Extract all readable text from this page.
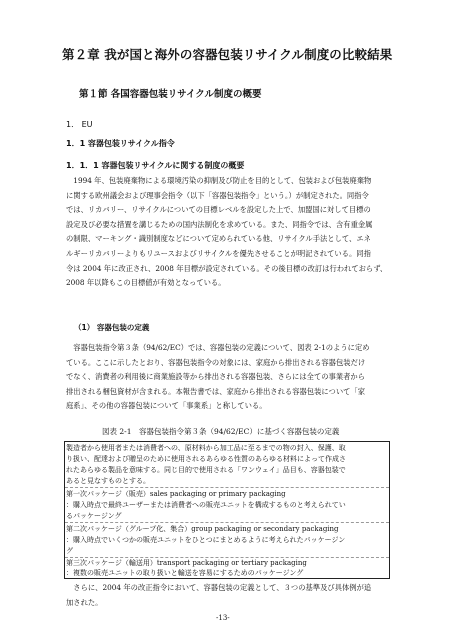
第２章 我が国と海外の容器包装リサイクル制度の比較結果
第１節 各国容器包装リサイクル制度の概要
1． EU
1．1 容器包装リサイクル指令
1．1．1 容器包装リサイクルに関する制度の概要
　1994 年、包装廃棄物による環境汚染の抑制及び防止を目的として、包装および包装廃棄物
に関する欧州議会および理事会指令（以下「容器包装指令」という。）が制定された。同指令
では、リカバリー、リサイクルについての目標レベルを設定した上で、加盟国に対して目標の
設定及び必要な措置を講じるための国内法制化を求めている。また、同指令では、含有重金属
の制限、マーキング・識別制度などについて定められている他、リサイクル手法として、エネ
ルギーリカバリーよりもリユースおよびリサイクルを優先させることが明記されている。同指
令は 2004 年に改正され、2008 年目標が設定されている。その後目標の改訂は行われておらず、
2008 年以降もこの目標値が有効となっている。
（1） 容器包装の定義
　容器包装指令第３条（94/62/EC）では、容器包装の定義について、図表 2-1のように定め
ている。ここに示したとおり、容器包装指令の対象には、家庭から排出される容器包装だけ
でなく、消費者の利用後に商業施設等から排出される容器包装、さらには全ての事業者から
排出される梱包資材が含まれる。本報告書では、家庭から排出される容器包装について「家
庭系」、その他の容器包装について「事業系」と称している。
図表 2-1　容器包装指令第３条（94/62/EC）に基づく容器包装の定義
製造者から使用者または消費者への、原材料から加工品に至るまでの物の封入、保護、取
り扱い、配達および贈呈のために使用されるあらゆる性質のあらゆる材料によって作成さ
れたあらゆる製品を意味する。同じ目的で使用される「ワンウェイ」品目も、容器包装で
あると見なすものとする。
第一次パッケージ（販売）sales packaging or primary packaging
：購入時点で最終ユーザーまたは消費者への販売ユニットを構成するものと考えられてい
るパッケージング
第二次パッケージ（グループ化、集合）group packaging or secondary packaging
：購入時点でいくつかの販売ユニットをひとつにまとめるように考えられたパッケージン
グ
第三次パッケージ（輸送用）transport packaging or tertiary packaging
：複数の販売ユニットの取り扱いと輸送を容易にするためのパッケージング
　さらに、2004 年の改正指令において、容器包装の定義として、３つの基準及び具体例が追
加された。
-13-
